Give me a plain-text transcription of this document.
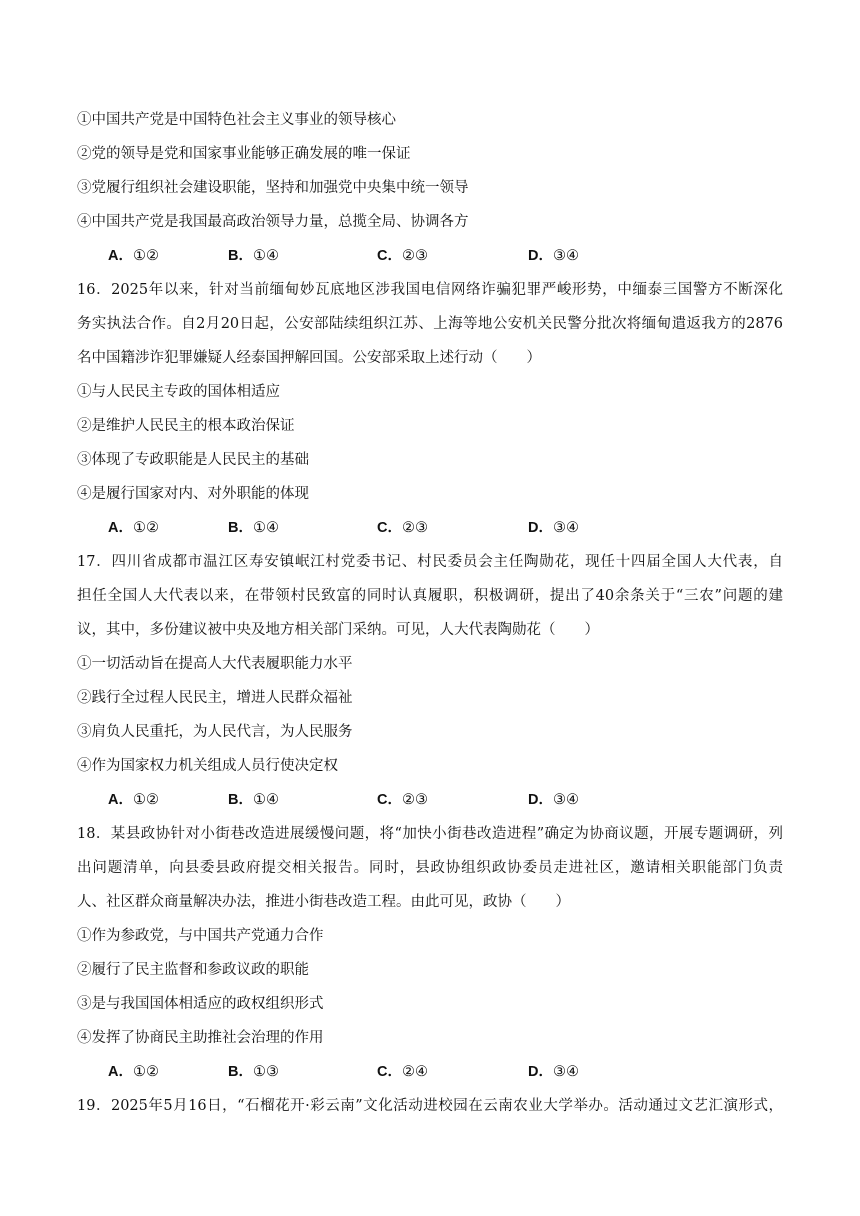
①中国共产党是中国特色社会主义事业的领导核心
②党的领导是党和国家事业能够正确发展的唯一保证
③党履行组织社会建设职能，坚持和加强党中央集中统一领导
④中国共产党是我国最高政治领导力量，总揽全局、协调各方
A．①②	B．①④	C．②③	D．③④
16．2025年以来，针对当前缅甸妙瓦底地区涉我国电信网络诈骗犯罪严峻形势，中缅泰三国警方不断深化
务实执法合作。自2月20日起，公安部陆续组织江苏、上海等地公安机关民警分批次将缅甸遣返我方的2876
名中国籍涉诈犯罪嫌疑人经泰国押解回国。公安部采取上述行动（　　）
①与人民民主专政的国体相适应
②是维护人民民主的根本政治保证
③体现了专政职能是人民民主的基础
④是履行国家对内、对外职能的体现
A．①②	B．①④	C．②③	D．③④
17．四川省成都市温江区寿安镇岷江村党委书记、村民委员会主任陶勋花，现任十四届全国人大代表，自
担任全国人大代表以来，在带领村民致富的同时认真履职，积极调研，提出了40余条关于“三农”问题的建
议，其中，多份建议被中央及地方相关部门采纳。可见，人大代表陶勋花（　　）
①一切活动旨在提高人大代表履职能力水平
②践行全过程人民民主，增进人民群众福祉
③肩负人民重托，为人民代言，为人民服务
④作为国家权力机关组成人员行使决定权
A．①②	B．①④	C．②③	D．③④
18．某县政协针对小街巷改造进展缓慢问题，将“加快小街巷改造进程”确定为协商议题，开展专题调研，列
出问题清单，向县委县政府提交相关报告。同时，县政协组织政协委员走进社区，邀请相关职能部门负责
人、社区群众商量解决办法，推进小街巷改造工程。由此可见，政协（　　）
①作为参政党，与中国共产党通力合作
②履行了民主监督和参政议政的职能
③是与我国国体相适应的政权组织形式
④发挥了协商民主助推社会治理的作用
A．①②	B．①③	C．②④	D．③④
19．2025年5月16日，“石榴花开·彩云南”文化活动进校园在云南农业大学举办。活动通过文艺汇演形式，
